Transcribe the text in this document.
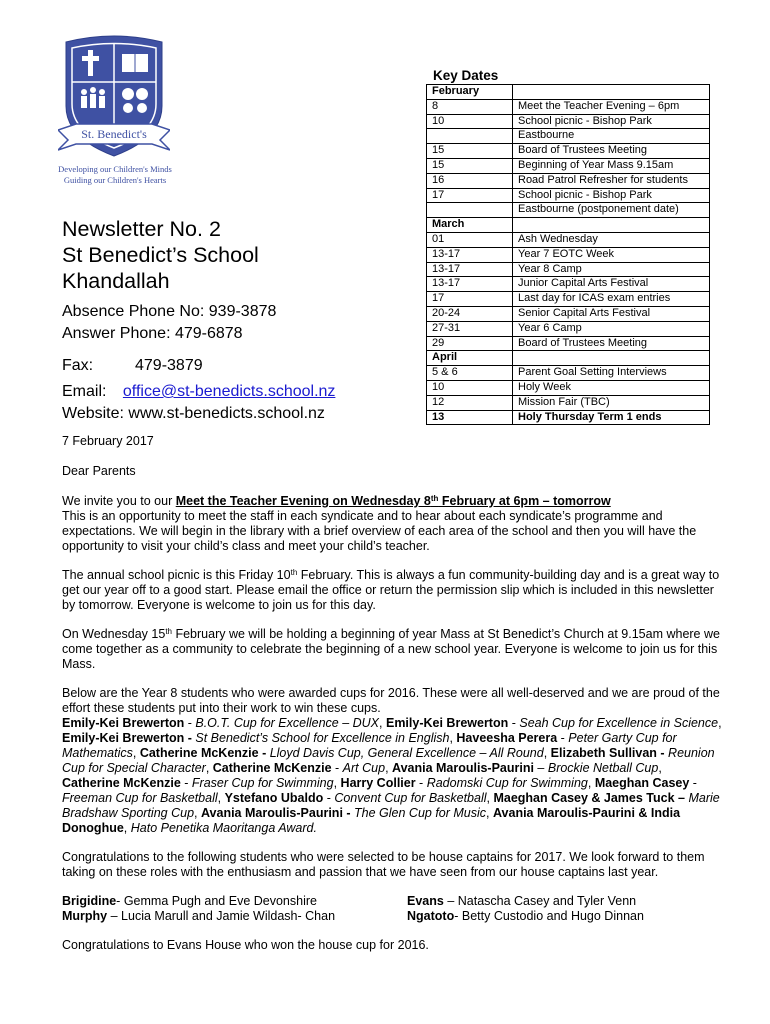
St. Benedict's
Developing our Children's Minds
Guiding our Children's Hearts

Newsletter No. 2

St Benedict’s School

Khandallah

Absence Phone No: 939-3878

Answer Phone: 479-6878

Fax:	479-3879

Email: office@st-benedicts.school.nz

Website: www.st-benedicts.school.nz

Key Dates
February	
8	Meet the Teacher Evening – 6pm
10	School picnic - Bishop Park
	Eastbourne
15	Board of Trustees Meeting
15	Beginning of Year Mass 9.15am
16	Road Patrol Refresher for students
17	School picnic - Bishop Park
	Eastbourne (postponement date)
March	
01	Ash Wednesday
13-17	Year 7 EOTC Week
13-17	Year 8 Camp
13-17	Junior Capital Arts Festival
17	Last day for ICAS exam entries
20-24	Senior Capital Arts Festival
27-31	Year 6 Camp
29	Board of Trustees Meeting
April	
5 & 6	Parent Goal Setting Interviews
10	Holy Week
12	Mission Fair (TBC)
13	Holy Thursday Term 1 ends

7 February 2017

Dear Parents

We invite you to our Meet the Teacher Evening on Wednesday 8th February at 6pm – tomorrow

This is an opportunity to meet the staff in each syndicate and to hear about each syndicate’s programme and expectations. We will begin in the library with a brief overview of each area of the school and then you will have the opportunity to visit your child’s class and meet your child’s teacher.

The annual school picnic is this Friday 10th February. This is always a fun community-building day and is a great way to get our year off to a good start. Please email the office or return the permission slip which is included in this newsletter by tomorrow. Everyone is welcome to join us for this day.

On Wednesday 15th February we will be holding a beginning of year Mass at St Benedict’s Church at 9.15am where we come together as a community to celebrate the beginning of a new school year. Everyone is welcome to join us for this Mass.

Below are the Year 8 students who were awarded cups for 2016. These were all well-deserved and we are proud of the effort these students put into their work to win these cups.

Emily-Kei Brewerton - B.O.T. Cup for Excellence – DUX, Emily-Kei Brewerton - Seah Cup for Excellence in Science, Emily-Kei Brewerton - St Benedict’s School for Excellence in English, Haveesha Perera - Peter Garty Cup for Mathematics, Catherine McKenzie - Lloyd Davis Cup, General Excellence – All Round, Elizabeth Sullivan - Reunion Cup for Special Character, Catherine McKenzie - Art Cup, Avania Maroulis-Paurini – Brockie Netball Cup, Catherine McKenzie - Fraser Cup for Swimming, Harry Collier - Radomski Cup for Swimming, Maeghan Casey - Freeman Cup for Basketball, Ystefano Ubaldo - Convent Cup for Basketball, Maeghan Casey & James Tuck – Marie Bradshaw Sporting Cup, Avania Maroulis-Paurini - The Glen Cup for Music, Avania Maroulis-Paurini & India Donoghue, Hato Penetika Maoritanga Award.

Congratulations to the following students who were selected to be house captains for 2017. We look forward to them taking on these roles with the enthusiasm and passion that we have seen from our house captains last year.

Brigidine- Gemma Pugh and Eve Devonshire	Evans – Natascha Casey and Tyler Venn
Murphy – Lucia Marull and Jamie Wildash- Chan	Ngatoto- Betty Custodio and Hugo Dinnan

Congratulations to Evans House who won the house cup for 2016.
